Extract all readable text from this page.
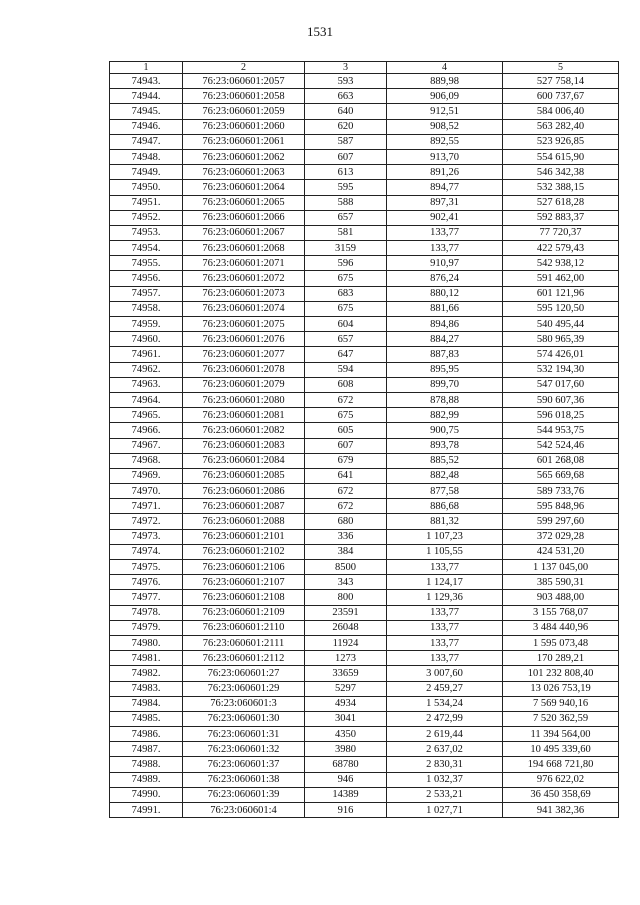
1531
1	2	3	4	5
74943.	76:23:060601:2057	593	889,98	527 758,14
74944.	76:23:060601:2058	663	906,09	600 737,67
74945.	76:23:060601:2059	640	912,51	584 006,40
74946.	76:23:060601:2060	620	908,52	563 282,40
74947.	76:23:060601:2061	587	892,55	523 926,85
74948.	76:23:060601:2062	607	913,70	554 615,90
74949.	76:23:060601:2063	613	891,26	546 342,38
74950.	76:23:060601:2064	595	894,77	532 388,15
74951.	76:23:060601:2065	588	897,31	527 618,28
74952.	76:23:060601:2066	657	902,41	592 883,37
74953.	76:23:060601:2067	581	133,77	77 720,37
74954.	76:23:060601:2068	3159	133,77	422 579,43
74955.	76:23:060601:2071	596	910,97	542 938,12
74956.	76:23:060601:2072	675	876,24	591 462,00
74957.	76:23:060601:2073	683	880,12	601 121,96
74958.	76:23:060601:2074	675	881,66	595 120,50
74959.	76:23:060601:2075	604	894,86	540 495,44
74960.	76:23:060601:2076	657	884,27	580 965,39
74961.	76:23:060601:2077	647	887,83	574 426,01
74962.	76:23:060601:2078	594	895,95	532 194,30
74963.	76:23:060601:2079	608	899,70	547 017,60
74964.	76:23:060601:2080	672	878,88	590 607,36
74965.	76:23:060601:2081	675	882,99	596 018,25
74966.	76:23:060601:2082	605	900,75	544 953,75
74967.	76:23:060601:2083	607	893,78	542 524,46
74968.	76:23:060601:2084	679	885,52	601 268,08
74969.	76:23:060601:2085	641	882,48	565 669,68
74970.	76:23:060601:2086	672	877,58	589 733,76
74971.	76:23:060601:2087	672	886,68	595 848,96
74972.	76:23:060601:2088	680	881,32	599 297,60
74973.	76:23:060601:2101	336	1 107,23	372 029,28
74974.	76:23:060601:2102	384	1 105,55	424 531,20
74975.	76:23:060601:2106	8500	133,77	1 137 045,00
74976.	76:23:060601:2107	343	1 124,17	385 590,31
74977.	76:23:060601:2108	800	1 129,36	903 488,00
74978.	76:23:060601:2109	23591	133,77	3 155 768,07
74979.	76:23:060601:2110	26048	133,77	3 484 440,96
74980.	76:23:060601:2111	11924	133,77	1 595 073,48
74981.	76:23:060601:2112	1273	133,77	170 289,21
74982.	76:23:060601:27	33659	3 007,60	101 232 808,40
74983.	76:23:060601:29	5297	2 459,27	13 026 753,19
74984.	76:23:060601:3	4934	1 534,24	7 569 940,16
74985.	76:23:060601:30	3041	2 472,99	7 520 362,59
74986.	76:23:060601:31	4350	2 619,44	11 394 564,00
74987.	76:23:060601:32	3980	2 637,02	10 495 339,60
74988.	76:23:060601:37	68780	2 830,31	194 668 721,80
74989.	76:23:060601:38	946	1 032,37	976 622,02
74990.	76:23:060601:39	14389	2 533,21	36 450 358,69
74991.	76:23:060601:4	916	1 027,71	941 382,36
